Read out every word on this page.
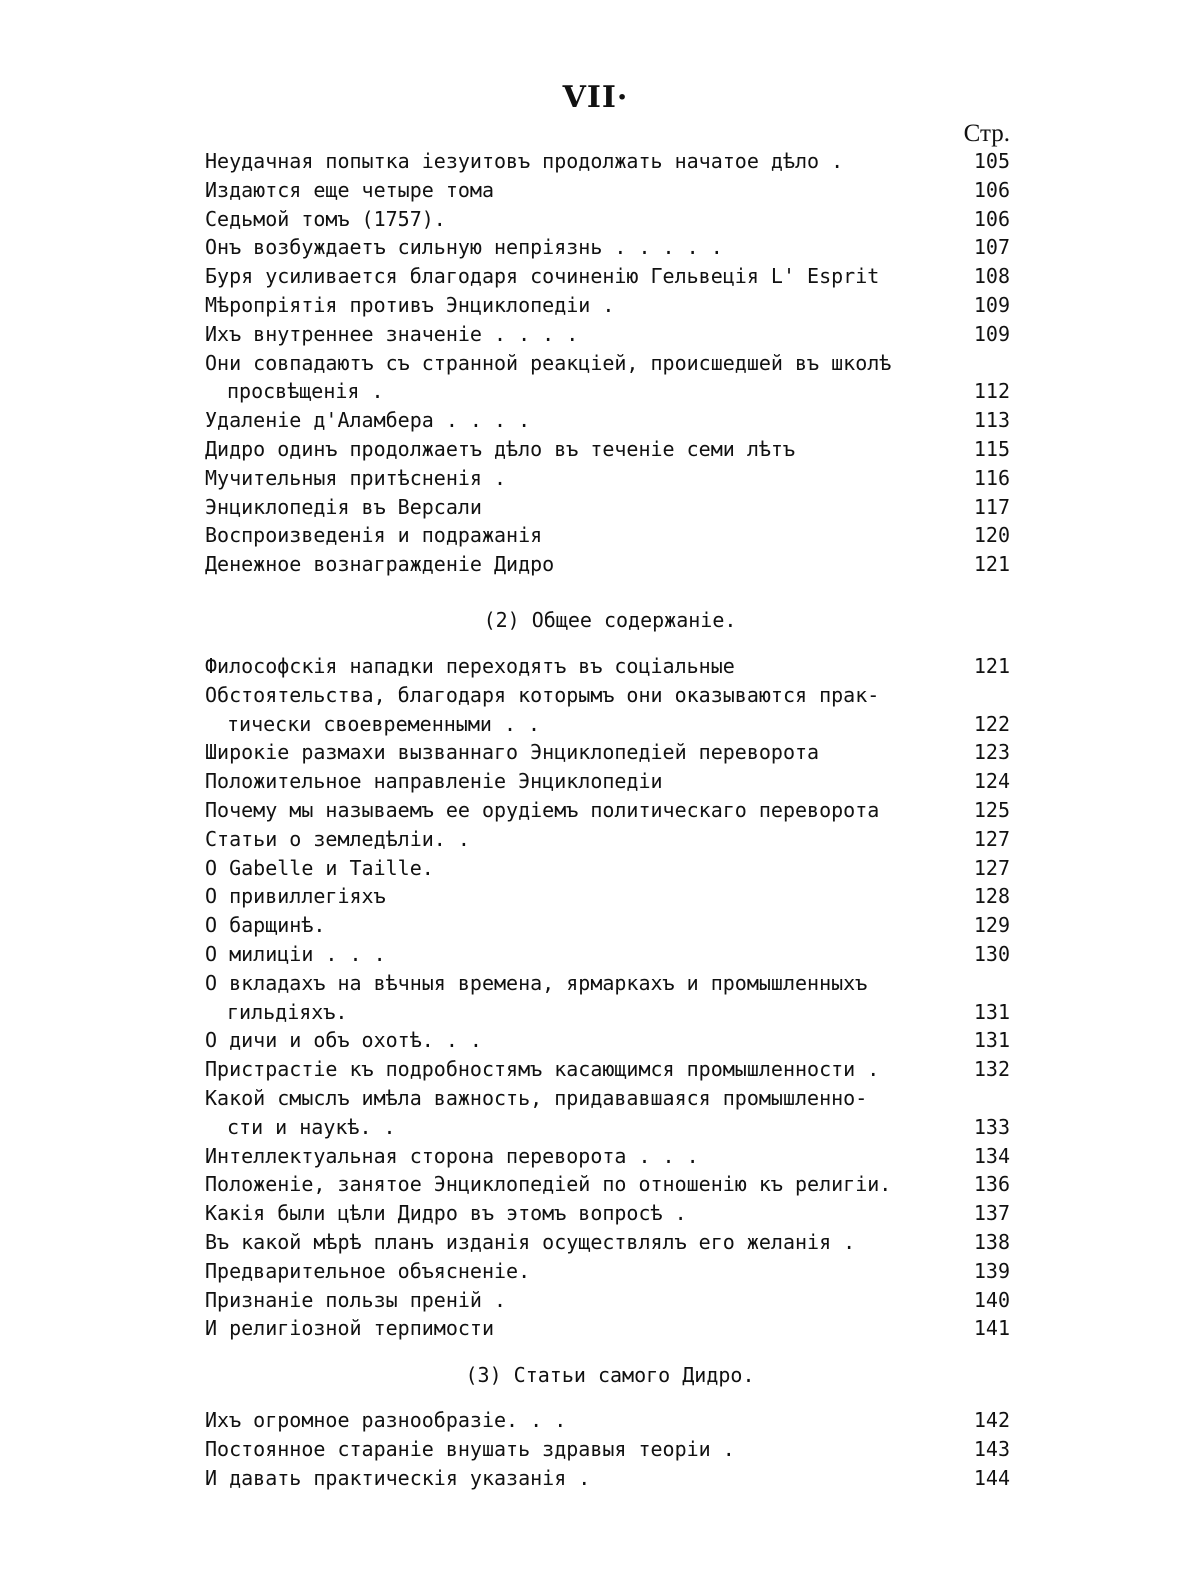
VII·
Стр.
Неудачная попытка іезуитовъ продолжать начатое дѣло .	105
Издаются еще четыре тома	106
Седьмой томъ (1757).	106
Онъ возбуждаетъ сильную непріязнь . . . . .	107
Буря усиливается благодаря сочиненію Гельвеція L' Esprit	108
Мѣропріятія противъ Энциклопедіи .	109
Ихъ внутреннее значеніе . . . .	109
Они совпадаютъ съ странной реакціей, происшедшей въ школѣ
просвѣщенія .	112
Удаленіе д'Аламбера . . . .	113
Дидро одинъ продолжаетъ дѣло въ теченіе семи лѣтъ	115
Мучительныя притѣсненія .	116
Энциклопедія въ Версали	117
Воспроизведенія и подражанія	120
Денежное вознагражденіе Дидро	121
(2) Общее содержаніе.
Философскія нападки переходятъ въ соціальные	121
Обстоятельства, благодаря которымъ они оказываются прак-
тически своевременными . .	122
Широкіе размахи вызваннаго Энциклопедіей переворота	123
Положительное направленіе Энциклопедіи	124
Почему мы называемъ ее орудіемъ политическаго переворота	125
Статьи о земледѣліи. .	127
О Gabelle и Taille.	127
О привиллегіяхъ	128
О барщинѣ.	129
О милиціи . . .	130
О вкладахъ на вѣчныя времена, ярмаркахъ и промышленныхъ
гильдіяхъ.	131
О дичи и объ охотѣ. . .	131
Пристрастіе къ подробностямъ касающимся промышленности .	132
Какой смыслъ имѣла важность, придававшаяся промышленно-
сти и наукѣ. .	133
Интеллектуальная сторона переворота . . .	134
Положеніе, занятое Энциклопедіей по отношенію къ религіи.	136
Какія были цѣли Дидро въ этомъ вопросѣ .	137
Въ какой мѣрѣ планъ изданія осуществлялъ его желанія .	138
Предварительное объясненіе.	139
Признаніе пользы преній .	140
И религіозной терпимости	141
(3) Статьи самого Дидро.
Ихъ огромное разнообразіе. . .	142
Постоянное стараніе внушать здравыя теоріи .	143
И давать практическія указанія .	144
